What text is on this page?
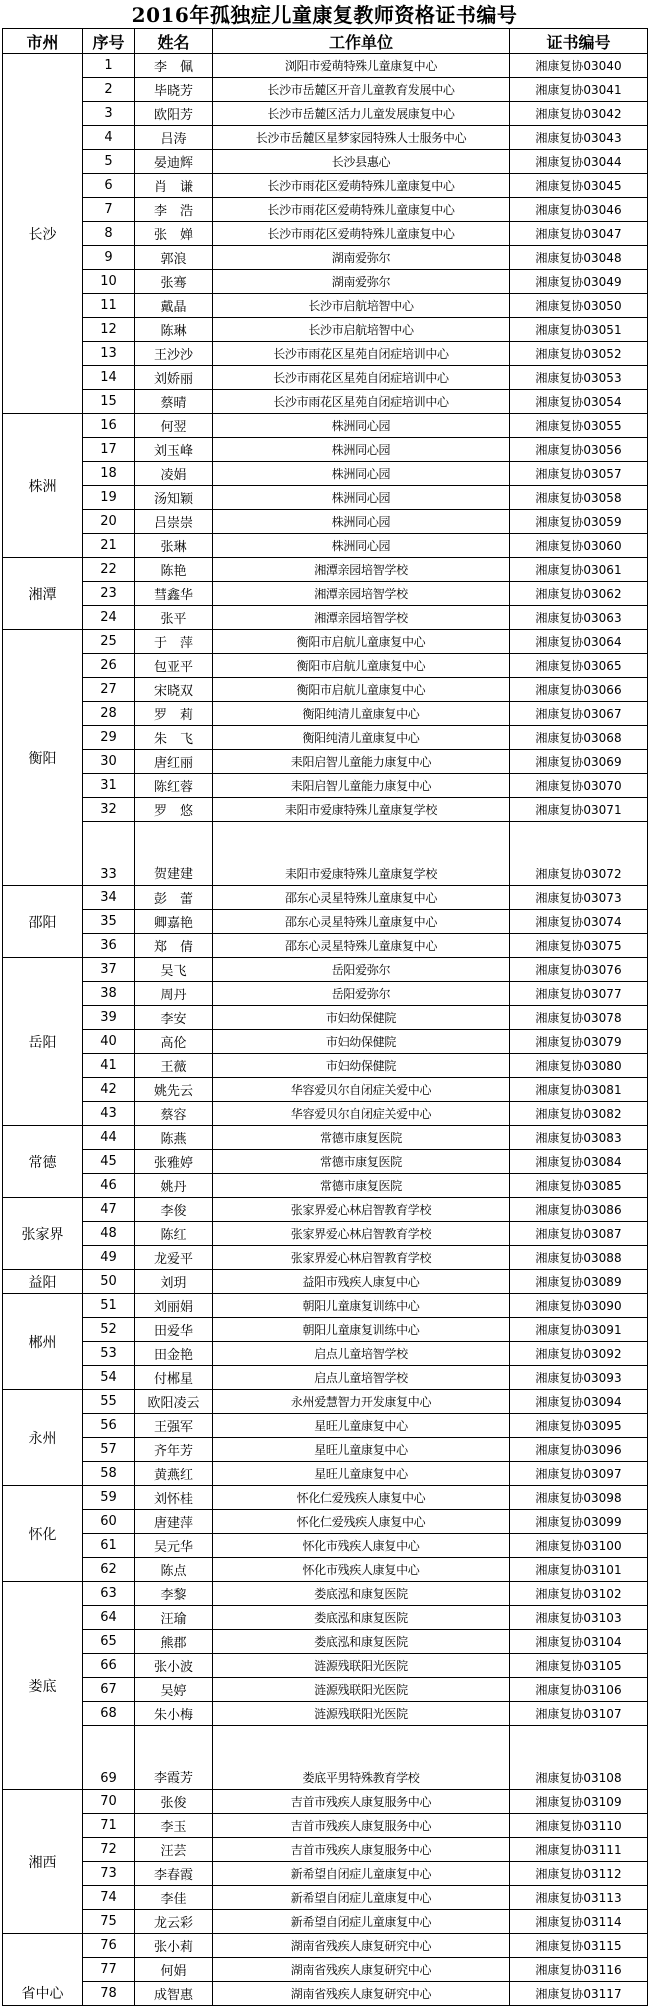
2016年孤独症儿童康复教师资格证书编号
市州	序号	姓名	工作单位	证书编号
长沙	1	李　佩	浏阳市爱萌特殊儿童康复中心	湘康复协03040
	2	毕晓芳	长沙市岳麓区开音儿童教育发展中心	湘康复协03041
	3	欧阳芳	长沙市岳麓区活力儿童发展康复中心	湘康复协03042
	4	吕涛	长沙市岳麓区星梦家园特殊人士服务中心	湘康复协03043
	5	晏迪辉	长沙县惠心	湘康复协03044
	6	肖　谦	长沙市雨花区爱萌特殊儿童康复中心	湘康复协03045
	7	李　浩	长沙市雨花区爱萌特殊儿童康复中心	湘康复协03046
	8	张　婵	长沙市雨花区爱萌特殊儿童康复中心	湘康复协03047
	9	郭浪	湖南爱弥尔	湘康复协03048
	10	张骞	湖南爱弥尔	湘康复协03049
	11	戴晶	长沙市启航培智中心	湘康复协03050
	12	陈琳	长沙市启航培智中心	湘康复协03051
	13	王沙沙	长沙市雨花区星苑自闭症培训中心	湘康复协03052
	14	刘娇丽	长沙市雨花区星苑自闭症培训中心	湘康复协03053
	15	蔡晴	长沙市雨花区星苑自闭症培训中心	湘康复协03054
株洲	16	何翌	株洲同心园	湘康复协03055
	17	刘玉峰	株洲同心园	湘康复协03056
	18	凌娟	株洲同心园	湘康复协03057
	19	汤知颖	株洲同心园	湘康复协03058
	20	吕崇崇	株洲同心园	湘康复协03059
	21	张琳	株洲同心园	湘康复协03060
湘潭	22	陈艳	湘潭亲园培智学校	湘康复协03061
	23	彗鑫华	湘潭亲园培智学校	湘康复协03062
	24	张平	湘潭亲园培智学校	湘康复协03063
衡阳	25	于　萍	衡阳市启航儿童康复中心	湘康复协03064
	26	包亚平	衡阳市启航儿童康复中心	湘康复协03065
	27	宋晓双	衡阳市启航儿童康复中心	湘康复协03066
	28	罗　莉	衡阳纯清儿童康复中心	湘康复协03067
	29	朱　飞	衡阳纯清儿童康复中心	湘康复协03068
	30	唐红丽	耒阳启智儿童能力康复中心	湘康复协03069
	31	陈红蓉	耒阳启智儿童能力康复中心	湘康复协03070
	32	罗　悠	耒阳市爱康特殊儿童康复学校	湘康复协03071
	33	贺建建	耒阳市爱康特殊儿童康复学校	湘康复协03072
邵阳	34	彭　蕾	邵东心灵星特殊儿童康复中心	湘康复协03073
	35	卿嘉艳	邵东心灵星特殊儿童康复中心	湘康复协03074
	36	郑　倩	邵东心灵星特殊儿童康复中心	湘康复协03075
岳阳	37	吴飞	岳阳爱弥尔	湘康复协03076
	38	周丹	岳阳爱弥尔	湘康复协03077
	39	李安	市妇幼保健院	湘康复协03078
	40	高伦	市妇幼保健院	湘康复协03079
	41	王薇	市妇幼保健院	湘康复协03080
	42	姚先云	华容爱贝尔自闭症关爱中心	湘康复协03081
	43	蔡容	华容爱贝尔自闭症关爱中心	湘康复协03082
常德	44	陈燕	常德市康复医院	湘康复协03083
	45	张雅婷	常德市康复医院	湘康复协03084
	46	姚丹	常德市康复医院	湘康复协03085
张家界	47	李俊	张家界爱心林启智教育学校	湘康复协03086
	48	陈红	张家界爱心林启智教育学校	湘康复协03087
	49	龙爱平	张家界爱心林启智教育学校	湘康复协03088
益阳	50	刘玥	益阳市残疾人康复中心	湘康复协03089
郴州	51	刘丽娟	朝阳儿童康复训练中心	湘康复协03090
	52	田爱华	朝阳儿童康复训练中心	湘康复协03091
	53	田金艳	启点儿童培智学校	湘康复协03092
	54	付郴星	启点儿童培智学校	湘康复协03093
永州	55	欧阳凌云	永州爱慧智力开发康复中心	湘康复协03094
	56	王强军	星旺儿童康复中心	湘康复协03095
	57	齐年芳	星旺儿童康复中心	湘康复协03096
	58	黄燕红	星旺儿童康复中心	湘康复协03097
怀化	59	刘怀桂	怀化仁爱残疾人康复中心	湘康复协03098
	60	唐建萍	怀化仁爱残疾人康复中心	湘康复协03099
	61	吴元华	怀化市残疾人康复中心	湘康复协03100
	62	陈点	怀化市残疾人康复中心	湘康复协03101
娄底	63	李黎	娄底泓和康复医院	湘康复协03102
	64	汪瑜	娄底泓和康复医院	湘康复协03103
	65	熊郡	娄底泓和康复医院	湘康复协03104
	66	张小波	涟源残联阳光医院	湘康复协03105
	67	吴婷	涟源残联阳光医院	湘康复协03106
	68	朱小梅	涟源残联阳光医院	湘康复协03107
	69	李霞芳	娄底平男特殊教育学校	湘康复协03108
湘西	70	张俊	吉首市残疾人康复服务中心	湘康复协03109
	71	李玉	吉首市残疾人康复服务中心	湘康复协03110
	72	汪芸	吉首市残疾人康复服务中心	湘康复协03111
	73	李春霞	新希望自闭症儿童康复中心	湘康复协03112
	74	李佳	新希望自闭症儿童康复中心	湘康复协03113
	75	龙云彩	新希望自闭症儿童康复中心	湘康复协03114
省中心	76	张小莉	湖南省残疾人康复研究中心	湘康复协03115
	77	何娟	湖南省残疾人康复研究中心	湘康复协03116
	78	成智惠	湖南省残疾人康复研究中心	湘康复协03117
